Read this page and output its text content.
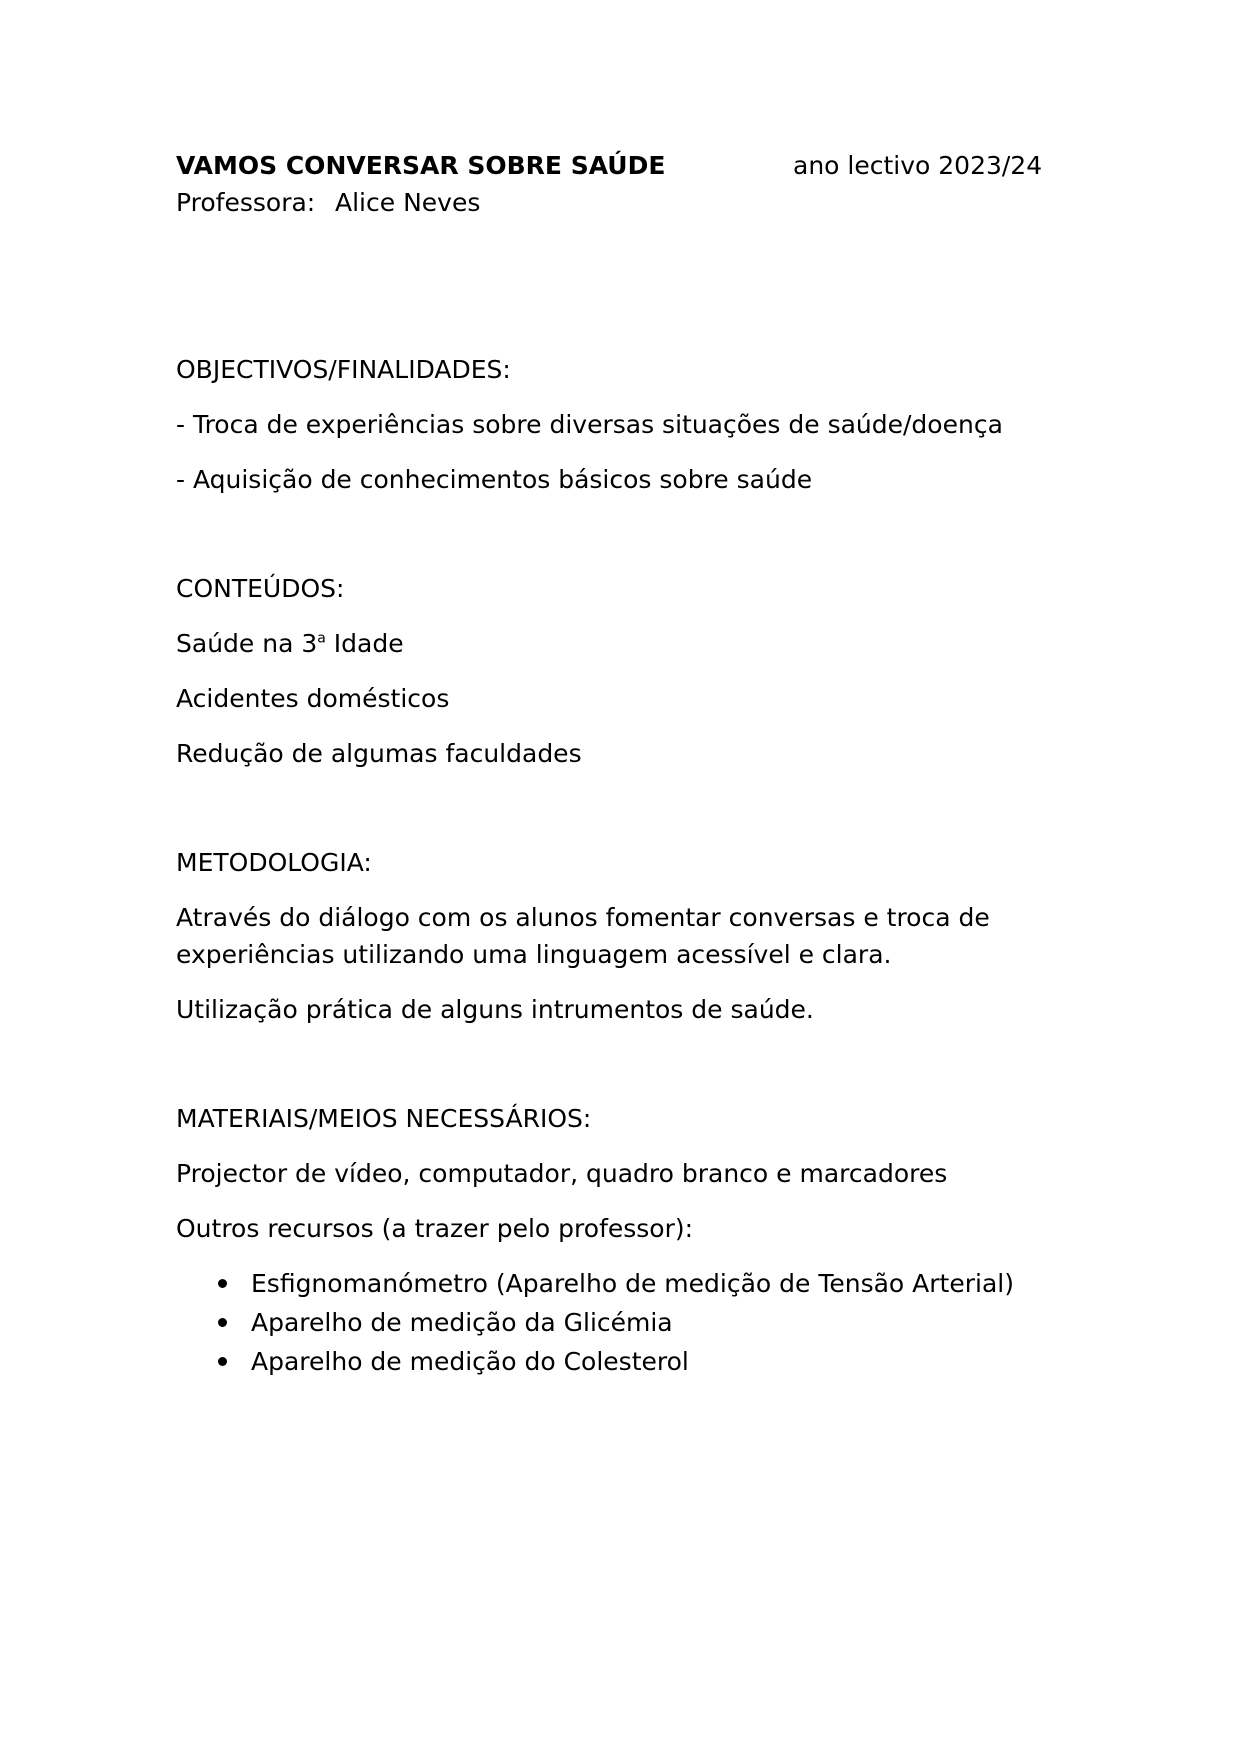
VAMOS CONVERSAR SOBRE SAÚDE	ano lectivo 2023/24
Professora: Alice Neves
OBJECTIVOS/FINALIDADES:
- Troca de experiências sobre diversas situações de saúde/doença
- Aquisição de conhecimentos básicos sobre saúde
CONTEÚDOS:
Saúde na 3$^a$ Idade
Acidentes domésticos
Redução de algumas faculdades
METODOLOGIA:
Através do diálogo com os alunos fomentar conversas e troca de
experiências utilizando uma linguagem acessível e clara.
Utilização prática de alguns intrumentos de saúde.
MATERIAIS/MEIOS NECESSÁRIOS:
Projector de vídeo, computador, quadro branco e marcadores
Outros recursos (a trazer pelo professor):
Esfignomanómetro (Aparelho de medição de Tensão Arterial)
Aparelho de medição da Glicémia
Aparelho de medição do Colesterol
